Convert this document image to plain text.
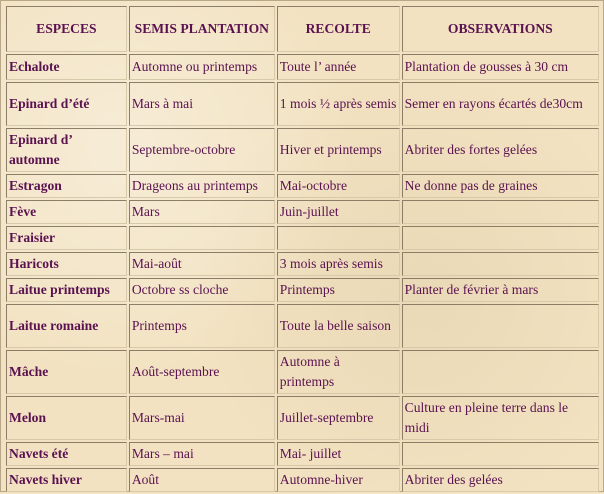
ESPECES	SEMIS PLANTATION	RECOLTE	OBSERVATIONS
Echalote	Automne ou printemps	Toute l’ année	Plantation de gousses à 30 cm
Epinard d’été	Mars à mai	1 mois ½ après semis	Semer en rayons écartés de30cm
Epinard d’ automne	Septembre-octobre	Hiver et printemps	Abriter des fortes gelées
Estragon	Drageons au printemps	Mai-octobre	Ne donne pas de graines
Fève	Mars	Juin-juillet	
Fraisier			
Haricots	Mai-août	3 mois après semis	
Laitue printemps	Octobre ss cloche	Printemps	Planter de février à mars
Laitue romaine	Printemps	Toute la belle saison	
Mâche	Août-septembre	Automne à printemps	
Melon	Mars-mai	Juillet-septembre	Culture en pleine terre dans le midi
Navets été	Mars – mai	Mai- juillet	
Navets hiver	Août	Automne-hiver	Abriter des gelées
